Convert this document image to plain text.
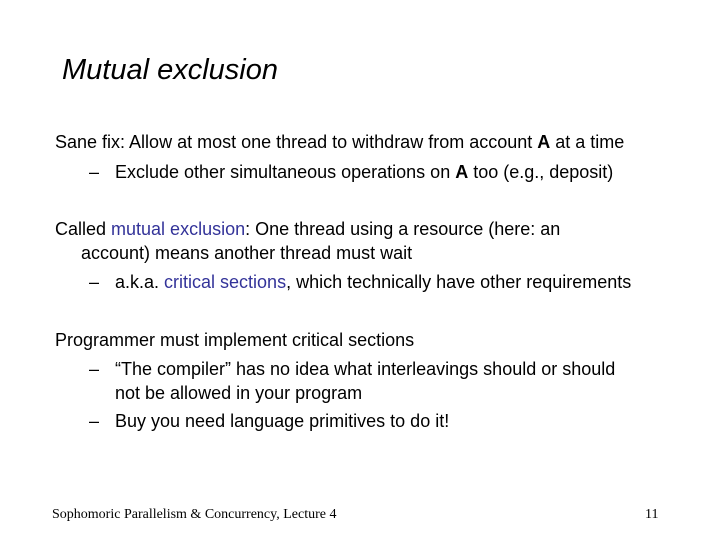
Mutual exclusion
Sane fix: Allow at most one thread to withdraw from account A at a time
– Exclude other simultaneous operations on A too (e.g., deposit)
Called mutual exclusion: One thread using a resource (here: an
account) means another thread must wait
– a.k.a. critical sections, which technically have other requirements
Programmer must implement critical sections
– “The compiler” has no idea what interleavings should or should
not be allowed in your program
– Buy you need language primitives to do it!
Sophomoric Parallelism & Concurrency, Lecture 4	11
